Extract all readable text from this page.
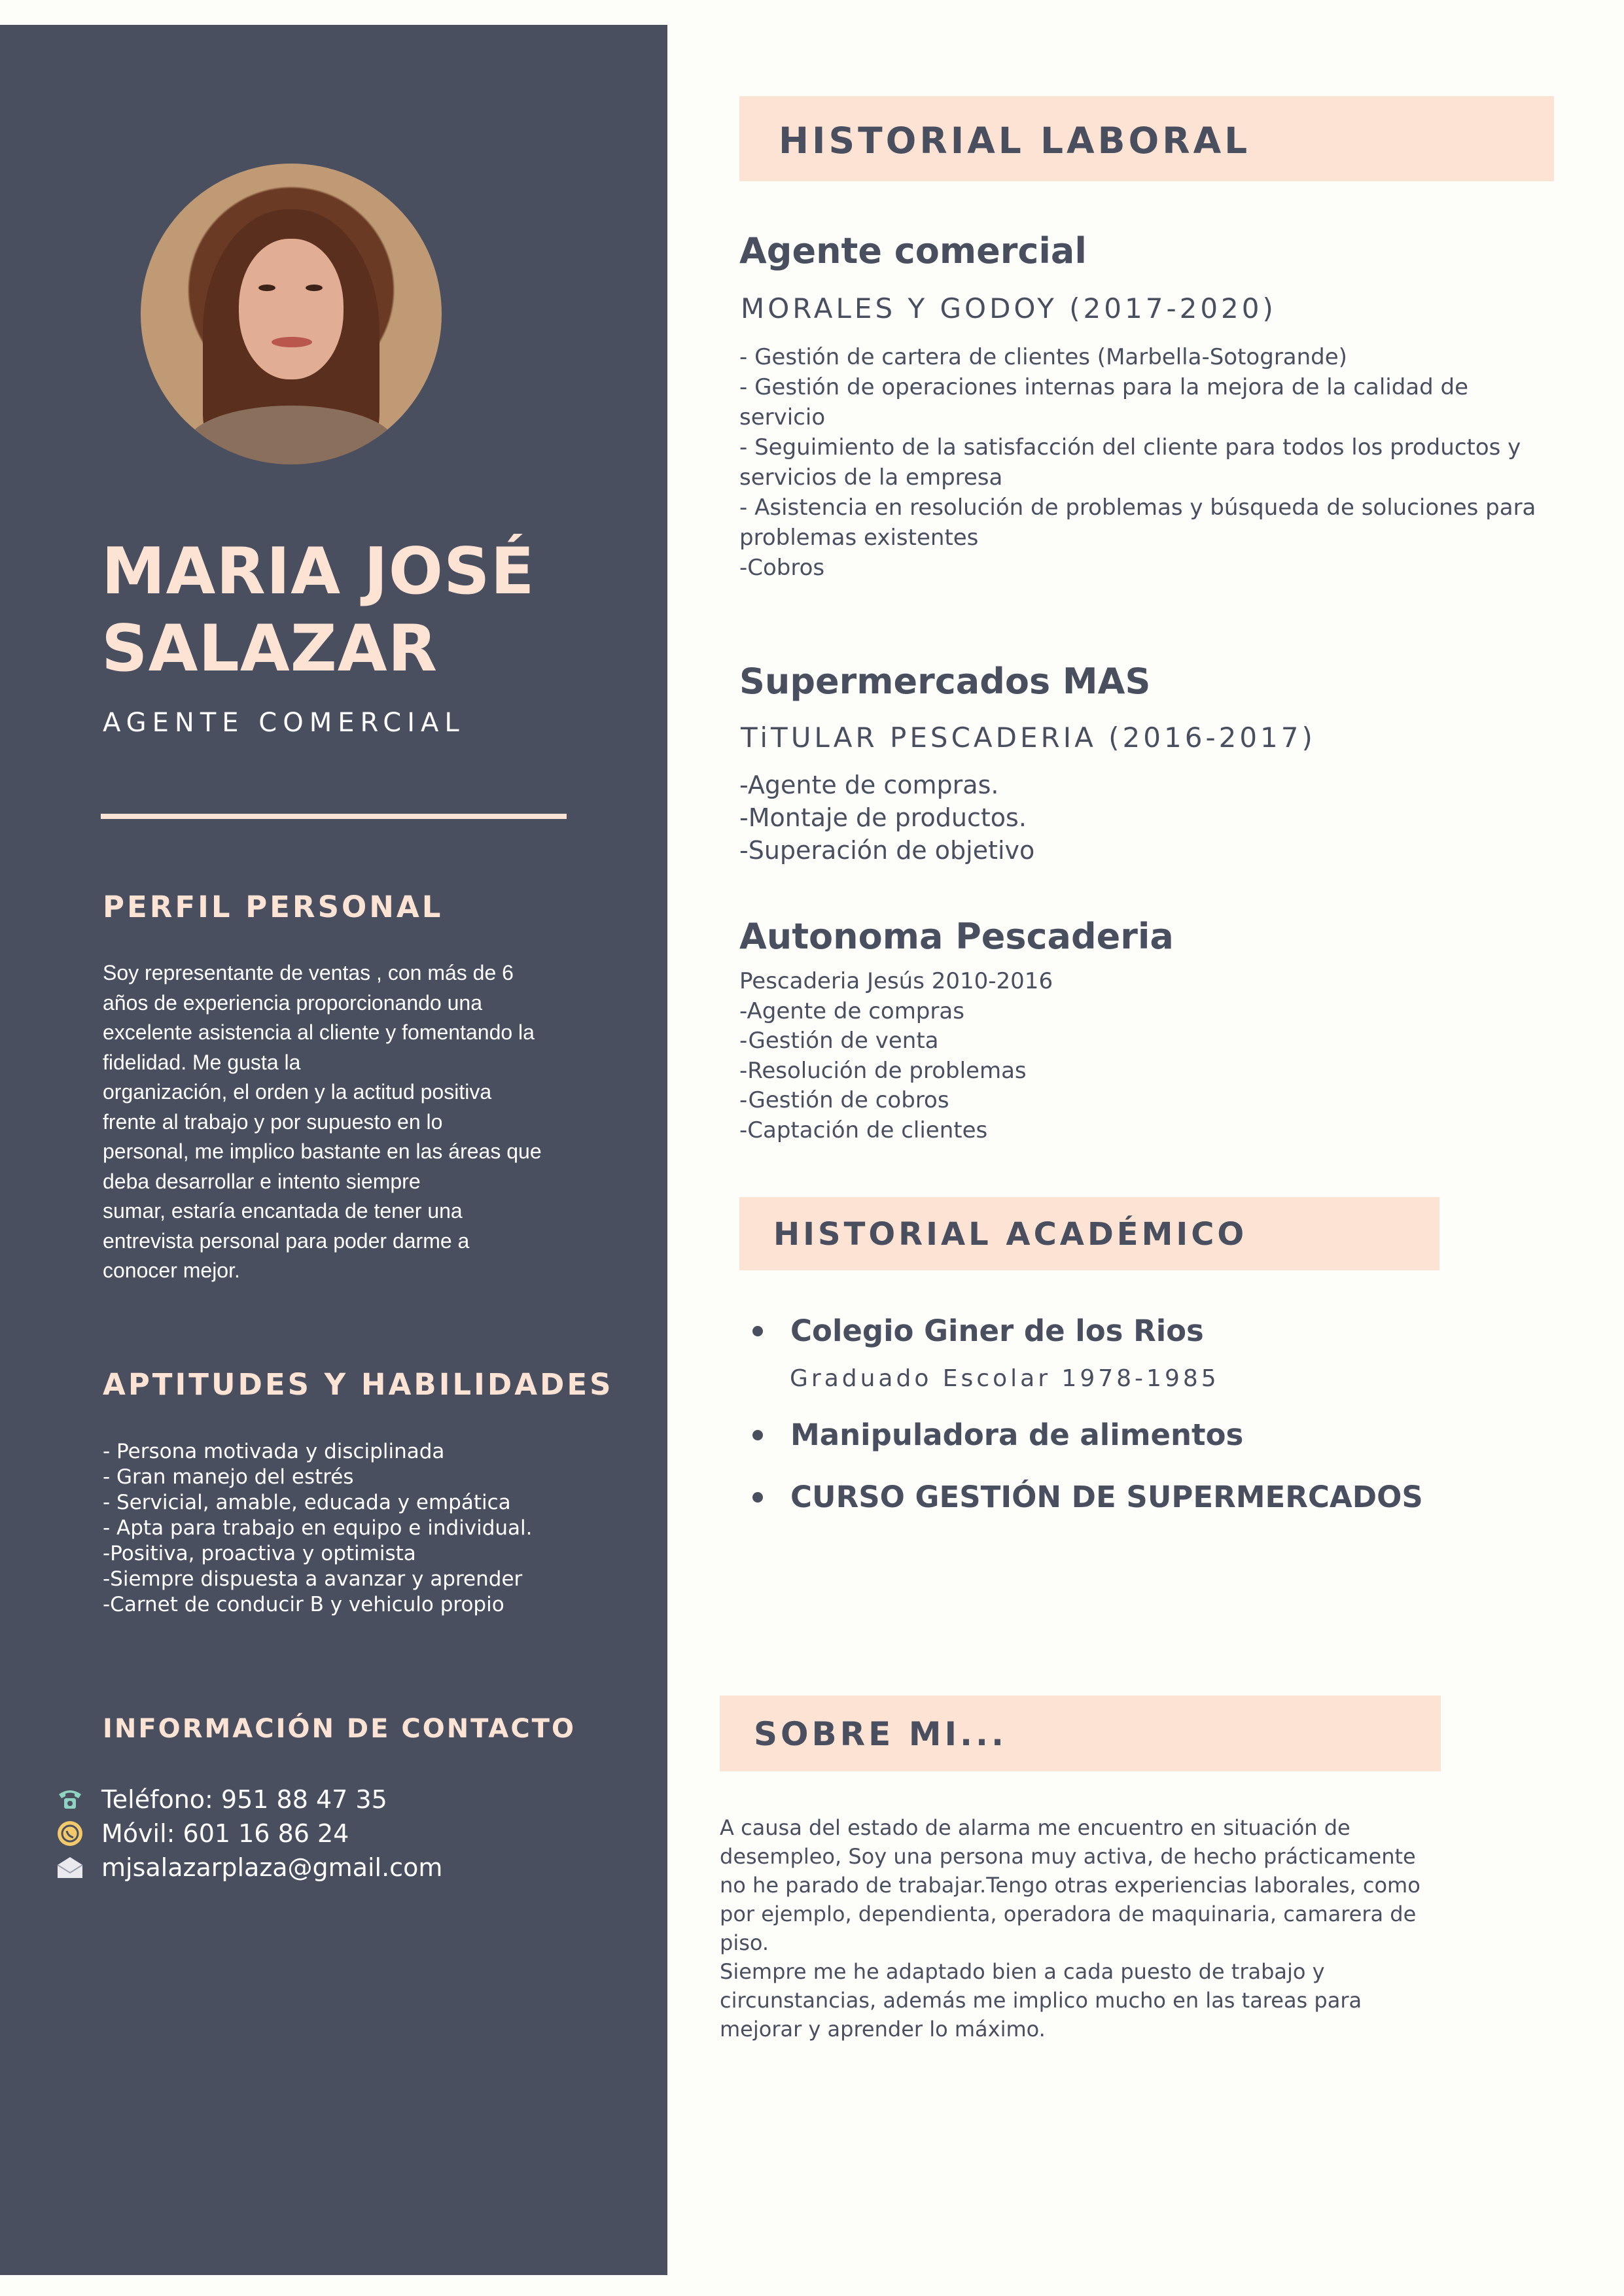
MARIA JOSÉ SALAZAR
AGENTE COMERCIAL
PERFIL PERSONAL
Soy representante de ventas , con más de 6
años de experiencia proporcionando una
excelente asistencia al cliente y fomentando la
fidelidad. Me gusta la
organización, el orden y la actitud positiva
frente al trabajo y por supuesto en lo
personal, me implico bastante en las áreas que
deba desarrollar e intento siempre
sumar, estaría encantada de tener una
entrevista personal para poder darme a
conocer mejor.
APTITUDES Y HABILIDADES
- Persona motivada y disciplinada
- Gran manejo del estrés
- Servicial, amable, educada y empática
- Apta para trabajo en equipo e individual.
-Positiva, proactiva y optimista
-Siempre dispuesta a avanzar y aprender
-Carnet de conducir B y vehiculo propio
INFORMACIÓN DE CONTACTO
Teléfono: 951 88 47 35
Móvil: 601 16 86 24
mjsalazarplaza@gmail.com
HISTORIAL LABORAL
Agente comercial
MORALES Y GODOY (2017-2020)
- Gestión de cartera de clientes (Marbella-Sotogrande)
- Gestión de operaciones internas para la mejora de la calidad de
servicio
- Seguimiento de la satisfacción del cliente para todos los productos y
servicios de la empresa
- Asistencia en resolución de problemas y búsqueda de soluciones para
problemas existentes
-Cobros
Supermercados MAS
TiTULAR PESCADERIA (2016-2017)
-Agente de compras.
-Montaje de productos.
-Superación de objetivo
Autonoma Pescaderia
Pescaderia Jesús 2010-2016
-Agente de compras
-Gestión de venta
-Resolución de problemas
-Gestión de cobros
-Captación de clientes
HISTORIAL ACADÉMICO
Colegio Giner de los Rios
Graduado Escolar 1978-1985
Manipuladora de alimentos
CURSO GESTIÓN DE SUPERMERCADOS
SOBRE MI...
A causa del estado de alarma me encuentro en situación de
desempleo, Soy una persona muy activa, de hecho prácticamente
no he parado de trabajar.Tengo otras experiencias laborales, como
por ejemplo, dependienta, operadora de maquinaria, camarera de
piso.
Siempre me he adaptado bien a cada puesto de trabajo y
circunstancias, además me implico mucho en las tareas para
mejorar y aprender lo máximo.
